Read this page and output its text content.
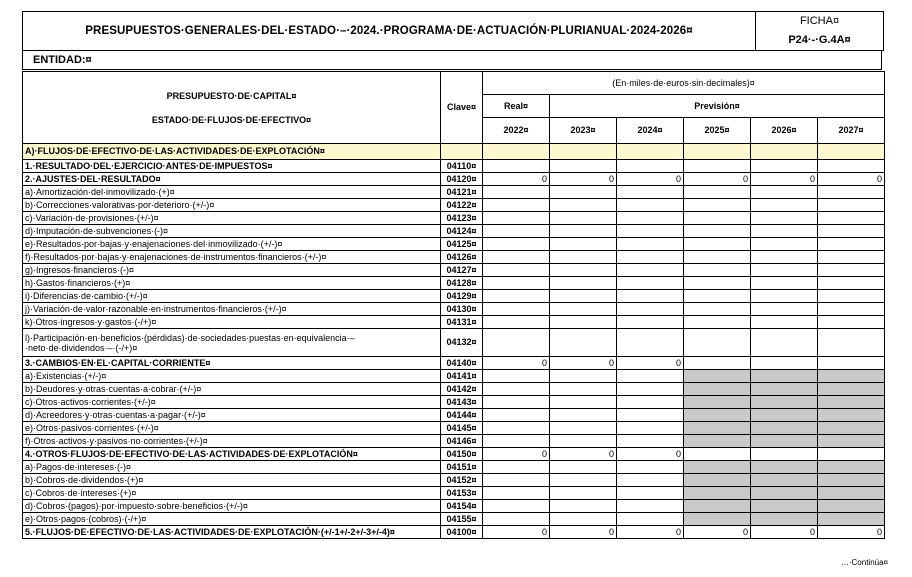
PRESUPUESTOS·GENERALES·DEL·ESTADO·–·2024.·PROGRAMA·DE·ACTUACIÓN·PLURIANUAL·2024-2026¤
FICHA¤
P24·-·G.4A¤
ENTIDAD:¤
PRESUPUESTO·DE·CAPITAL¤
ESTADO·DE·FLUJOS·DE·EFECTIVO¤	Clave¤	(En·miles·de·euros·sin·decimales)¤					
		Real¤	Previsión¤				
		2022¤	2023¤	2024¤	2025¤	2026¤	2027¤
A)·FLUJOS·DE·EFECTIVO·DE·LAS·ACTIVIDADES·DE·EXPLOTACIÓN¤							
1.·RESULTADO·DEL·EJERCICIO·ANTES·DE·IMPUESTOS¤	04110¤						
2.·AJUSTES·DEL·RESULTADO¤	04120¤	0	0	0	0	0	0
a)·Amortización·del·inmovilizado·(+)¤	04121¤						
b)·Correcciones·valorativas·por·deterioro·(+/-)¤	04122¤						
c)·Variación·de·provisiones·(+/-)¤	04123¤						
d)·Imputación·de·subvenciones·(-)¤	04124¤						
e)·Resultados·por·bajas·y·enajenaciones·del·inmovilizado·(+/-)¤	04125¤						
f)·Resultados·por·bajas·y·enajenaciones·de·instrumentos·financieros·(+/-)¤	04126¤						
g)·Ingresos·financieros·(-)¤	04127¤						
h)·Gastos·financieros·(+)¤	04128¤						
i)·Diferencias·de·cambio·(+/-)¤	04129¤						
j)·Variación·de·valor·razonable·en·instrumentos·financieros·(+/-)¤	04130¤						
k)·Otros·ingresos·y·gastos·(-/+)¤	04131¤						
l)·Participación·en·beneficios·(pérdidas)·de·sociedades·puestas·en·equivalencia·–·neto·de·dividendos·–·(-/+)¤	04132¤						
3.·CAMBIOS·EN·EL·CAPITAL·CORRIENTE¤	04140¤	0	0	0			
a)·Existencias·(+/-)¤	04141¤						
b)·Deudores·y·otras·cuentas·a·cobrar·(+/-)¤	04142¤						
c)·Otros·activos·corrientes·(+/-)¤	04143¤						
d)·Acreedores·y·otras·cuentas·a·pagar·(+/-)¤	04144¤						
e)·Otros·pasivos·corrientes·(+/-)¤	04145¤						
f)·Otros·activos·y·pasivos·no·corrientes·(+/-)¤	04146¤						
4.·OTROS·FLUJOS·DE·EFECTIVO·DE·LAS·ACTIVIDADES·DE·EXPLOTACIÓN¤	04150¤	0	0	0			
a)·Pagos·de·intereses·(-)¤	04151¤						
b)·Cobros·de·dividendos·(+)¤	04152¤						
c)·Cobros·de·intereses·(+)¤	04153¤						
d)·Cobros·(pagos)·por·impuesto·sobre·beneficios·(+/-)¤	04154¤						
e)·Otros·pagos·(cobros)·(-/+)¤	04155¤						
5.·FLUJOS·DE·EFECTIVO·DE·LAS·ACTIVIDADES·DE·EXPLOTACIÓN·(+/-1+/-2+/-3+/-4)¤	04100¤	0	0	0	0	0	0
…·Continúa¤
